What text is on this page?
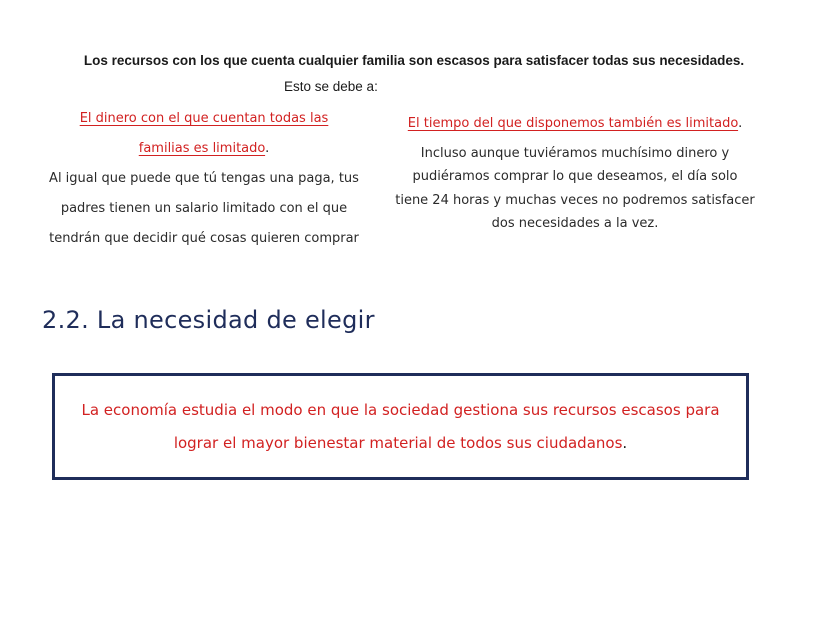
Los recursos con los que cuenta cualquier familia son escasos para satisfacer todas sus necesidades.
Esto se debe a:
El dinero con el que cuentan todas las familias es limitado.
Al igual que puede que tú tengas una paga, tus padres tienen un salario limitado con el que tendrán que decidir qué cosas quieren comprar
El tiempo del que disponemos también es limitado.
Incluso aunque tuviéramos muchísimo dinero y pudiéramos comprar lo que deseamos, el día solo tiene 24 horas y muchas veces no podremos satisfacer dos necesidades a la vez.
2.2. La necesidad de elegir
La economía estudia el modo en que la sociedad gestiona sus recursos escasos para lograr el mayor bienestar material de todos sus ciudadanos.
